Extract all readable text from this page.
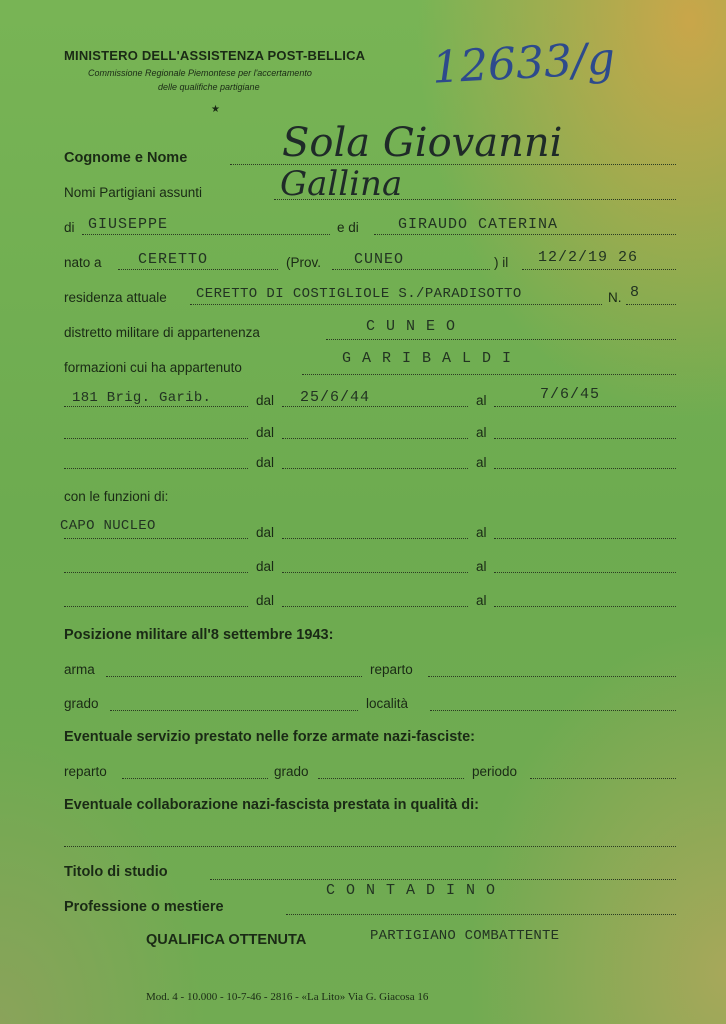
MINISTERO DELL'ASSISTENZA POST-BELLICA
Commissione Regionale Piemontese per l'accertamento
delle qualifiche partigiane
★
12633/g
Cognome e Nome Sola Giovanni
Nomi Partigiani assunti Gallina
di GIUSEPPE	e di	GIRAUDO CATERINA
nato a CERETTO	(Prov. CUNEO	) il 12/2/19 26
residenza attuale CERETTO DI COSTIGLIOLE S./PARADISOTTO	N. 8
distretto militare di appartenenza	C U N E O
formazioni cui ha appartenuto
G A R I B A L D I
181 Brig. Garib.	dal 25/6/44	al	7/6/45
dal	al
dal	al
con le funzioni di:
CAPO NUCLEO	dal	al
dal	al
dal	al
Posizione militare all'8 settembre 1943:
arma	reparto
grado	località
Eventuale servizio prestato nelle forze armate nazi-fasciste:
reparto	grado	periodo
Eventuale collaborazione nazi-fascista prestata in qualità di:
Titolo di studio
Professione o mestiere
C O N T A D I N O
QUALIFICA OTTENUTA	PARTIGIANO COMBATTENTE
Mod. 4 - 10.000 - 10-7-46 - 2816 - «La Lito» Via G. Giacosa 16
